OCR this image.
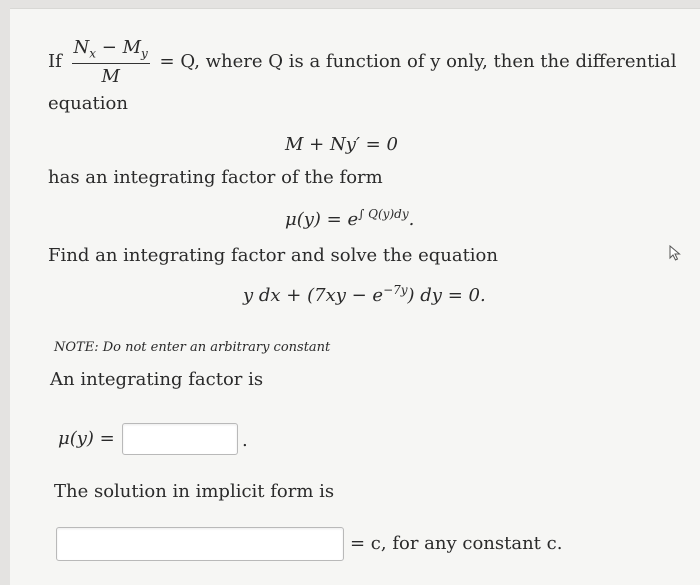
If $\frac{N_x - M_y}{M} = Q$, where Q is a function of y only, then the differential
equation
M + Ny′ = 0
has an integrating factor of the form
$\mu(y) = e^{\int Q(y)dy}$.
Find an integrating factor and solve the equation
y dx + $(7xy - e^{-7y})$ dy = 0.
NOTE: Do not enter an arbitrary constant
An integrating factor is
μ(y) =	.
The solution in implicit form is
= c, for any constant c.
